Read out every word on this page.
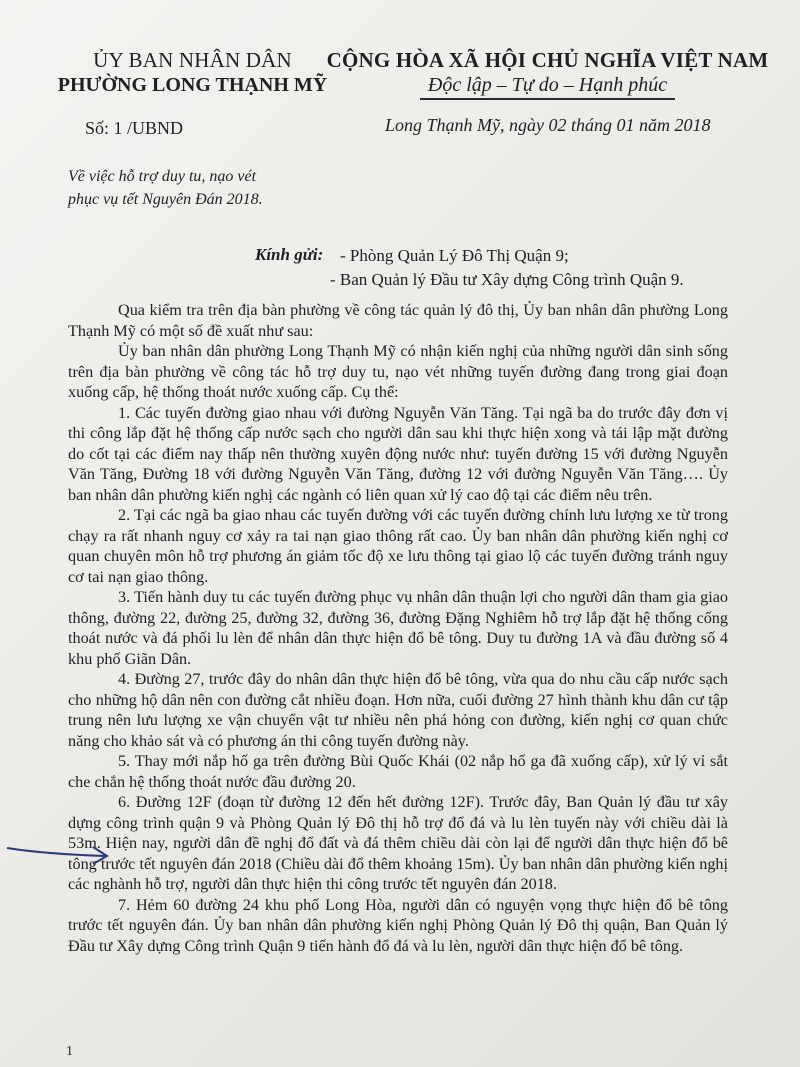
ỦY BAN NHÂN DÂN
PHƯỜNG LONG THẠNH MỸ
CỘNG HÒA XÃ HỘI CHỦ NGHĨA VIỆT NAM
Độc lập – Tự do – Hạnh phúc
Số: 1 /UBND	Long Thạnh Mỹ, ngày 02 tháng 01 năm 2018
Về việc hỗ trợ duy tu, nạo vét
phục vụ tết Nguyên Đán 2018.
Kính gửi: - Phòng Quản Lý Đô Thị Quận 9;
- Ban Quản lý Đầu tư Xây dựng Công trình Quận 9.

Qua kiểm tra trên địa bàn phường về công tác quản lý đô thị, Ủy ban nhân dân phường Long Thạnh Mỹ có một số đề xuất như sau:

Ủy ban nhân dân phường Long Thạnh Mỹ có nhận kiến nghị của những người dân sinh sống trên địa bàn phường về công tác hỗ trợ duy tu, nạo vét những tuyến đường đang trong giai đoạn xuống cấp, hệ thống thoát nước xuống cấp. Cụ thể:

1. Các tuyến đường giao nhau với đường Nguyễn Văn Tăng. Tại ngã ba do trước đây đơn vị thi công lắp đặt hệ thống cấp nước sạch cho người dân sau khi thực hiện xong và tái lập mặt đường do cốt tại các điểm nay thấp nên thường xuyên động nước như: tuyến đường 15 với đường Nguyễn Văn Tăng, Đường 18 với đường Nguyễn Văn Tăng, đường 12 với đường Nguyễn Văn Tăng…. Ủy ban nhân dân phường kiến nghị các ngành có liên quan xử lý cao độ tại các điểm nêu trên.

2. Tại các ngã ba giao nhau các tuyến đường với các tuyến đường chính lưu lượng xe từ trong chạy ra rất nhanh nguy cơ xảy ra tai nạn giao thông rất cao. Ủy ban nhân dân phường kiến nghị cơ quan chuyên môn hỗ trợ phương án giảm tốc độ xe lưu thông tại giao lộ các tuyến đường tránh nguy cơ tai nạn giao thông.

3. Tiến hành duy tu các tuyến đường phục vụ nhân dân thuận lợi cho người dân tham gia giao thông, đường 22, đường 25, đường 32, đường 36, đường Đặng Nghiêm hỗ trợ lắp đặt hệ thống cống thoát nước và đá phối lu lèn để nhân dân thực hiện đổ bê tông. Duy tu đường 1A và đầu đường số 4 khu phố Giãn Dân.

4. Đường 27, trước đây do nhân dân thực hiện đổ bê tông, vừa qua do nhu cầu cấp nước sạch cho những hộ dân nên con đường cắt nhiều đoạn. Hơn nữa, cuối đường 27 hình thành khu dân cư tập trung nên lưu lượng xe vận chuyển vật tư nhiều nên phá hỏng con đường, kiến nghị cơ quan chức năng cho khảo sát và có phương án thi công tuyến đường này.

5. Thay mới nắp hố ga trên đường Bùi Quốc Khái (02 nắp hố ga đã xuống cấp), xử lý vỉ sắt che chắn hệ thống thoát nước đầu đường 20.

6. Đường 12F (đoạn từ đường 12 đến hết đường 12F). Trước đây, Ban Quản lý đầu tư xây dựng công trình quận 9 và Phòng Quản lý Đô thị hỗ trợ đổ đá và lu lèn tuyến này với chiều dài là 53m. Hiện nay, người dân đề nghị đổ đất và đá thêm chiều dài còn lại để người dân thực hiện đổ bê tông trước tết nguyên đán 2018 (Chiều dài đổ thêm khoảng 15m). Ủy ban nhân dân phường kiến nghị các nghành hỗ trợ, người dân thực hiện thi công trước tết nguyên đán 2018.

7. Hẻm 60 đường 24 khu phố Long Hòa, người dân có nguyện vọng thực hiện đổ bê tông trước tết nguyên đán. Ủy ban nhân dân phường kiến nghị Phòng Quản lý Đô thị quận, Ban Quản lý Đầu tư Xây dựng Công trình Quận 9 tiến hành đổ đá và lu lèn, người dân thực hiện đổ bê tông.

1
